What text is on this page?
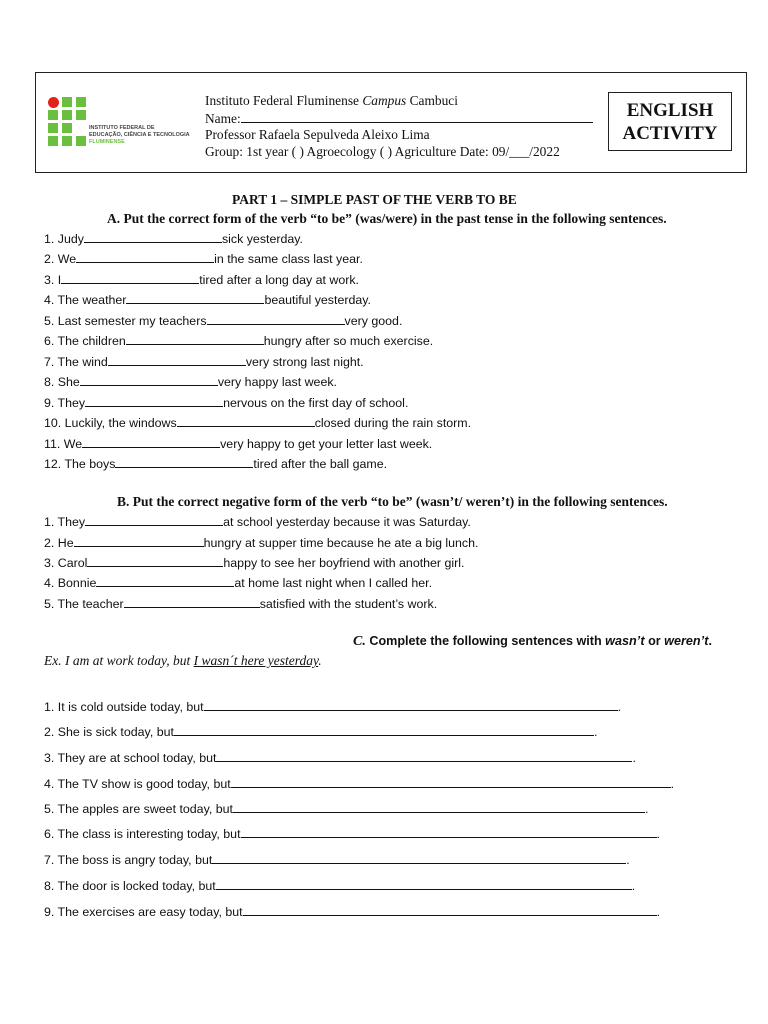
INSTITUTO FEDERAL DE
EDUCAÇÃO, CIÊNCIA E TECNOLOGIA
FLUMINENSE
Instituto Federal Fluminense Campus Cambuci
Name:
Professor Rafaela Sepulveda Aleixo Lima
Group: 1st year ( ) Agroecology ( ) Agriculture Date: 09/___/2022
ENGLISH
ACTIVITY
PART 1 – SIMPLE PAST OF THE VERB TO BE
A. Put the correct form of the verb “to be” (was/were) in the past tense in the following sentences.
1. Judy	sick yesterday.
2. We	in the same class last year.
3. I	tired after a long day at work.
4. The weather	beautiful yesterday.
5. Last semester my teachers	very good.
6. The children	hungry after so much exercise.
7. The wind	very strong last night.
8. She	very happy last week.
9. They	nervous on the first day of school.
10. Luckily, the windows	closed during the rain storm.
11. We	very happy to get your letter last week.
12. The boys	tired after the ball game.
B. Put the correct negative form of the verb “to be” (wasn’t/ weren’t) in the following sentences.
1. They	at school yesterday because it was Saturday.
2. He	hungry at supper time because he ate a big lunch.
3. Carol	happy to see her boyfriend with another girl.
4. Bonnie	at home last night when I called her.
5. The teacher	satisfied with the student’s work.
C. Complete the following sentences with wasn’t or weren’t.
Ex. I am at work today, but I wasn´t here yesterday.
1. It is cold outside today, but	.
2. She is sick today, but	.
3. They are at school today, but	.
4. The TV show is good today, but	.
5. The apples are sweet today, but	.
6. The class is interesting today, but	.
7. The boss is angry today, but	.
8. The door is locked today, but	.
9. The exercises are easy today, but	.
